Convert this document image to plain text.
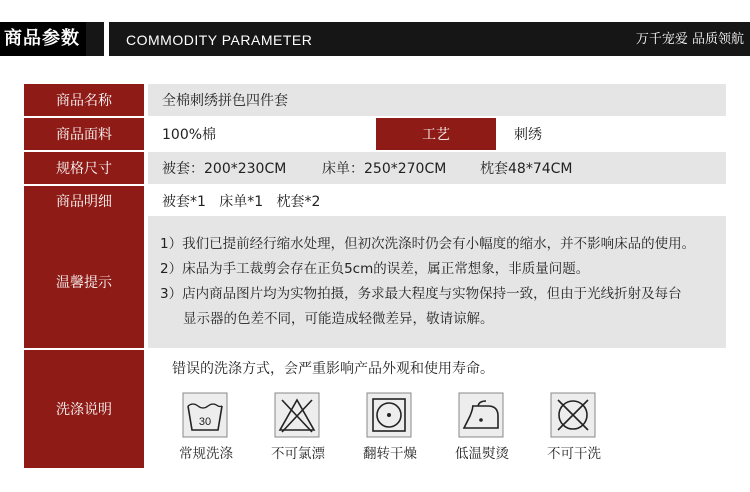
商品参数	COMMODITY PARAMETER	万千宠爱 品质领航
商品名称	全棉刺绣拼色四件套
商品面料	100%棉	工艺	刺绣
规格尺寸	被套：200*230CM	床单：250*270CM	枕套48*74CM
商品明细	被套*1   床单*1   枕套*2
温馨提示
1）我们已提前经行缩水处理，但初次洗涤时仍会有小幅度的缩水，并不影响床品的使用。
2）床品为手工裁剪会存在正负5cm的误差，属正常想象，非质量问题。
3）店内商品图片均为实物拍摄，务求最大程度与实物保持一致，但由于光线折射及每台
显示器的色差不同，可能造成轻微差异，敬请谅解。
洗涤说明
错误的洗涤方式，会严重影响产品外观和使用寿命。
30
常规洗涤	不可氯漂	翻转干燥	低温熨烫	不可干洗
